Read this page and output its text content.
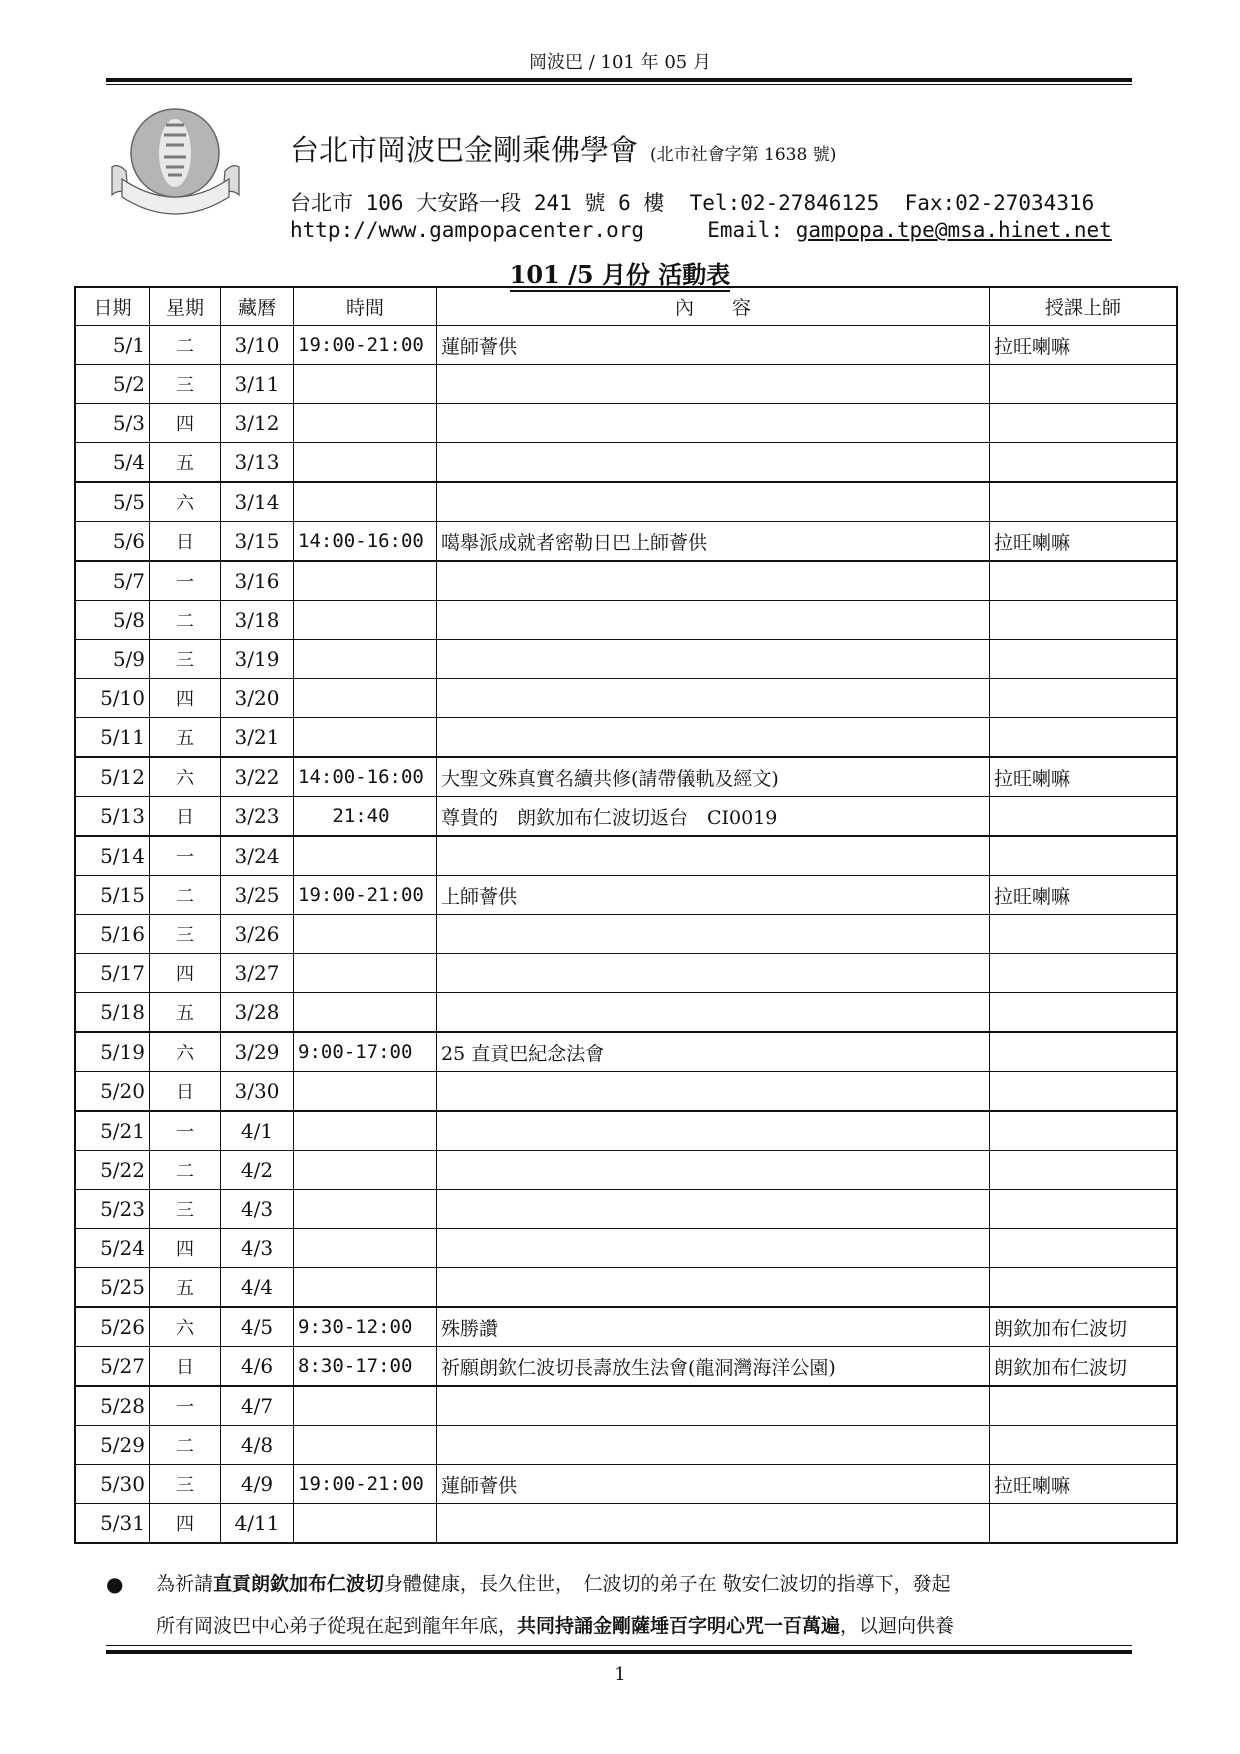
岡波巴 / 101 年 05 月
台北市岡波巴金剛乘佛學會 (北市社會字第 1638 號)
台北市 106 大安路一段 241 號 6 樓 Tel:02-27846125 Fax:02-27034316
http://www.gampopacenter.org	Email: gampopa.tpe@msa.hinet.net
101 /5 月份 活動表
日期	星期	藏曆	時間	內　　容	授課上師
5/1	二	3/10	19:00-21:00	蓮師薈供	拉旺喇嘛
5/2	三	3/11			
5/3	四	3/12			
5/4	五	3/13			
5/5	六	3/14			
5/6	日	3/15	14:00-16:00	噶舉派成就者密勒日巴上師薈供	拉旺喇嘛
5/7	一	3/16			
5/8	二	3/18			
5/9	三	3/19			
5/10	四	3/20			
5/11	五	3/21			
5/12	六	3/22	14:00-16:00	大聖文殊真實名續共修(請帶儀軌及經文)	拉旺喇嘛
5/13	日	3/23	21:40	尊貴的　朗欽加布仁波切返台　CI0019	
5/14	一	3/24			
5/15	二	3/25	19:00-21:00	上師薈供	拉旺喇嘛
5/16	三	3/26			
5/17	四	3/27			
5/18	五	3/28			
5/19	六	3/29	9:00-17:00	25 直貢巴紀念法會	
5/20	日	3/30			
5/21	一	4/1			
5/22	二	4/2			
5/23	三	4/3			
5/24	四	4/3			
5/25	五	4/4			
5/26	六	4/5	9:30-12:00	殊勝讚	朗欽加布仁波切
5/27	日	4/6	8:30-17:00	祈願朗欽仁波切長壽放生法會(龍洞灣海洋公園)	朗欽加布仁波切
5/28	一	4/7			
5/29	二	4/8			
5/30	三	4/9	19:00-21:00	蓮師薈供	拉旺喇嘛
5/31	四	4/11			
● 為祈請直貢朗欽加布仁波切身體健康，長久住世，　仁波切的弟子在 敬安仁波切的指導下，發起

所有岡波巴中心弟子從現在起到龍年年底，共同持誦金剛薩埵百字明心咒一百萬遍，以迴向供養

1
